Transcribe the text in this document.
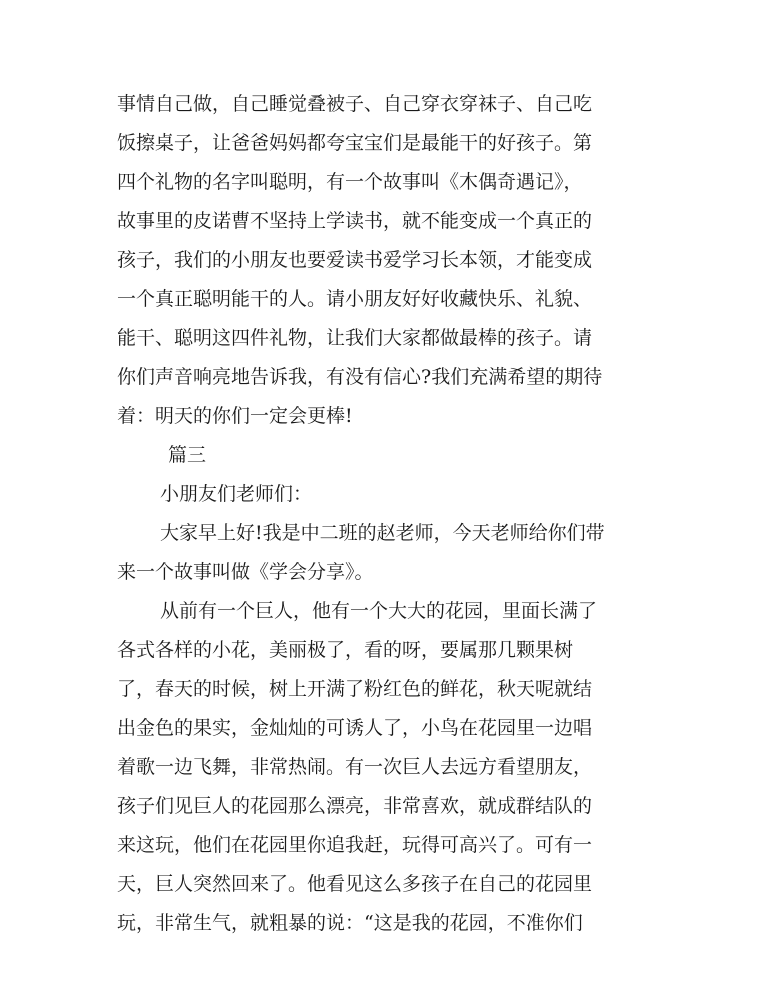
事情自己做，自己睡觉叠被子、自己穿衣穿袜子、自己吃
饭擦桌子，让爸爸妈妈都夸宝宝们是最能干的好孩子。第
四个礼物的名字叫聪明，有一个故事叫《木偶奇遇记》，
故事里的皮诺曹不坚持上学读书，就不能变成一个真正的
孩子，我们的小朋友也要爱读书爱学习长本领，才能变成
一个真正聪明能干的人。请小朋友好好收藏快乐、礼貌、
能干、聪明这四件礼物，让我们大家都做最棒的孩子。请
你们声音响亮地告诉我，有没有信心?我们充满希望的期待
着：明天的你们一定会更棒!
篇三
小朋友们老师们：
大家早上好!我是中二班的赵老师，今天老师给你们带
来一个故事叫做《学会分享》。
从前有一个巨人，他有一个大大的花园，里面长满了
各式各样的小花，美丽极了，看的呀，要属那几颗果树
了，春天的时候，树上开满了粉红色的鲜花，秋天呢就结
出金色的果实，金灿灿的可诱人了，小鸟在花园里一边唱
着歌一边飞舞，非常热闹。有一次巨人去远方看望朋友，
孩子们见巨人的花园那么漂亮，非常喜欢，就成群结队的
来这玩，他们在花园里你追我赶，玩得可高兴了。可有一
天，巨人突然回来了。他看见这么多孩子在自己的花园里
玩，非常生气，就粗暴的说：“这是我的花园，不准你们
